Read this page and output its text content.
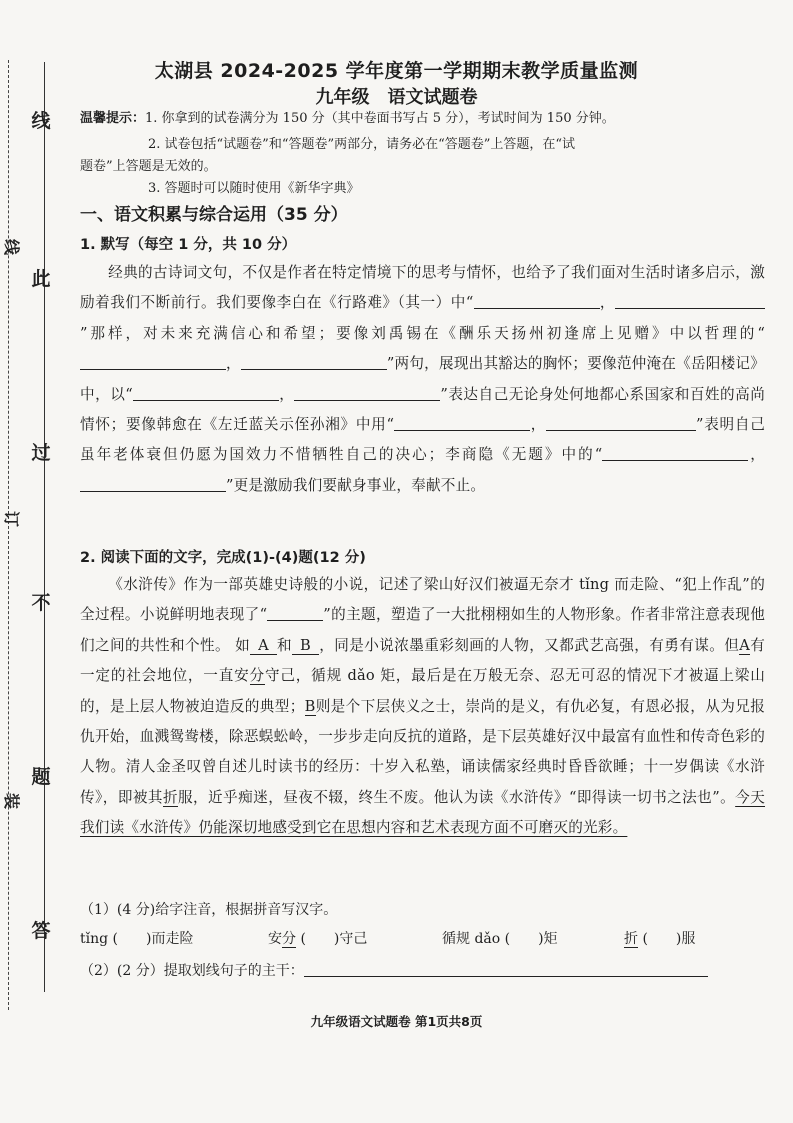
线
此
过
不
题
答
线
订
装
太湖县 2024-2025 学年度第一学期期末教学质量监测
九年级　语文试题卷
温馨提示：1. 你拿到的试卷满分为 150 分（其中卷面书写占 5 分），考试时间为 150 分钟。
2. 试卷包括“试题卷”和“答题卷”两部分，请务必在“答题卷”上答题，在“试
题卷”上答题是无效的。
3. 答题时可以随时使用《新华字典》
一、语文积累与综合运用（35 分）
1. 默写（每空 1 分，共 10 分）

经典的古诗词文句，不仅是作者在特定情境下的思考与情怀，也给予了我们面对生活时诸多启示，激励着我们不断前行。我们要像李白在《行路难》（其一）中“	，”那样，对未来充满信心和希望；要像刘禹锡在《酬乐天扬州初逢席上见赠》中以哲理的“，	”两句，展现出其豁达的胸怀；要像范仲淹在《岳阳楼记》中，以“	，	”表达自己无论身处何地都心系国家和百姓的高尚情怀；要像韩愈在《左迁蓝关示侄孙湘》中用“	，	”表明自己虽年老体衰但仍愿为国效力不惜牺牲自己的决心；李商隐《无题》中的“	，”更是激励我们要献身事业，奉献不止。

2. 阅读下面的文字，完成(1)-(4)题(12 分)

《水浒传》作为一部英雄史诗般的小说，记述了梁山好汉们被逼无奈才 tǐng 而走险、“犯上作乱”的全过程。小说鲜明地表现了“	”的主题，塑造了一大批栩栩如生的人物形象。作者非常注意表现他们之间的共性和个性。 如 A 和 B ，同是小说浓墨重彩刻画的人物，又都武艺高强，有勇有谋。但A有一定的社会地位，一直安分守己，循规 dǎo 矩，最后是在万般无奈、忍无可忍的情况下才被逼上梁山的，是上层人物被迫造反的典型；B则是个下层侠义之士，崇尚的是义，有仇必复，有恩必报，从为兄报仇开始，血溅鸳鸯楼，除恶蜈蚣岭，一步步走向反抗的道路，是下层英雄好汉中最富有血性和传奇色彩的人物。清人金圣叹曾自述儿时读书的经历：十岁入私塾，诵读儒家经典时昏昏欲睡；十一岁偶读《水浒传》，即被其折服，近乎痴迷，昼夜不辍，终生不废。他认为读《水浒传》“即得读一切书之法也”。今天我们读《水浒传》仍能深切地感受到它在思想内容和艺术表现方面不可磨灭的光彩。

（1）(4 分)给字注音，根据拼音写汉字。
tǐng (　　)而走险	安分 (　　)守己	循规 dǎo (　　)矩	折 (　　)服
（2）(2 分）提取划线句子的主干：
九年级语文试题卷 第1页共8页
